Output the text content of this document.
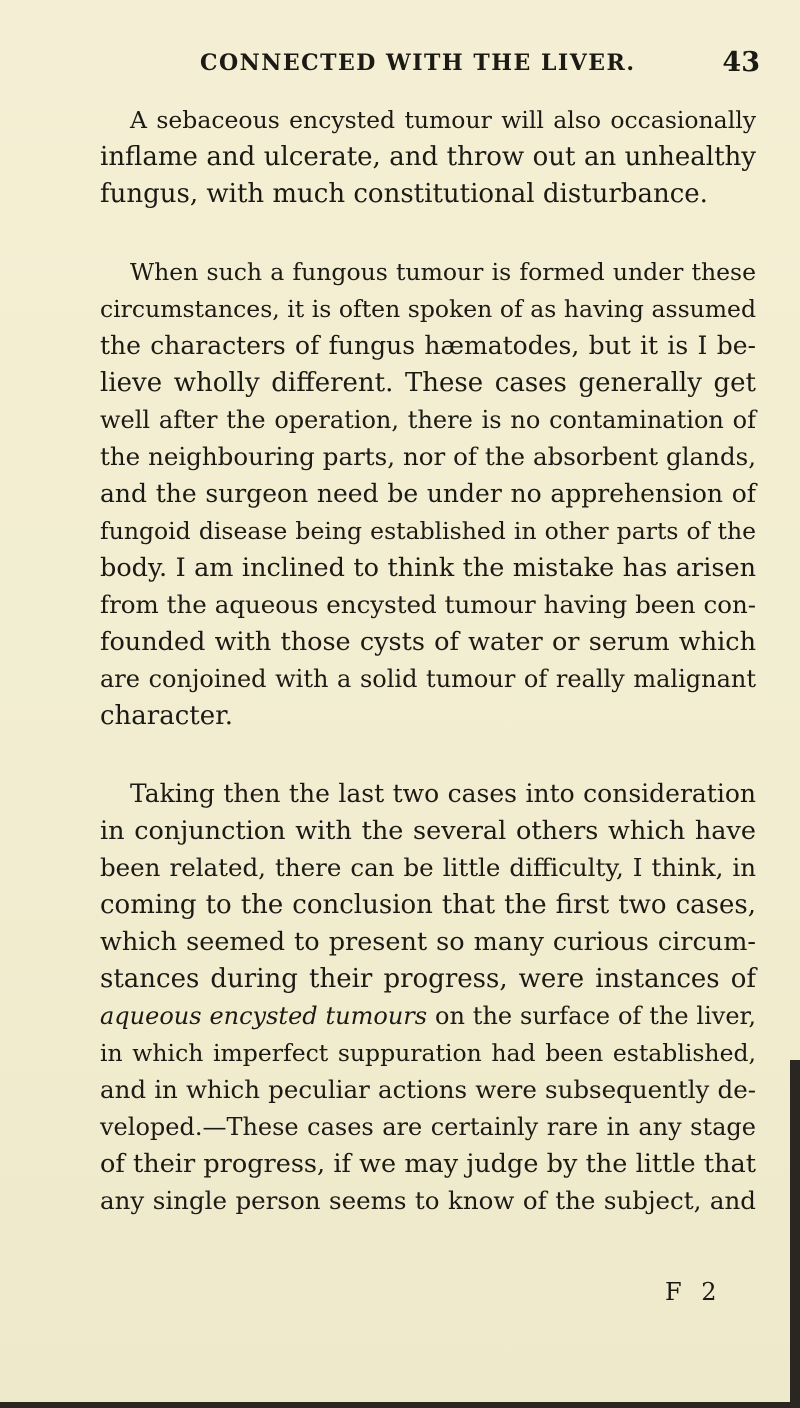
CONNECTED WITH THE LIVER.	43
A sebaceous encysted tumour will also occasionally
inflame and ulcerate, and throw out an unhealthy
fungus, with much constitutional disturbance.
When such a fungous tumour is formed under these
circumstances, it is often spoken of as having assumed
the characters of fungus hæmatodes, but it is I be-
lieve wholly different. These cases generally get
well after the operation, there is no contamination of
the neighbouring parts, nor of the absorbent glands,
and the surgeon need be under no apprehension of
fungoid disease being established in other parts of the
body. I am inclined to think the mistake has arisen
from the aqueous encysted tumour having been con-
founded with those cysts of water or serum which
are conjoined with a solid tumour of really malignant
character.
Taking then the last two cases into consideration
in conjunction with the several others which have
been related, there can be little difficulty, I think, in
coming to the conclusion that the first two cases,
which seemed to present so many curious circum-
stances during their progress, were instances of
aqueous encysted tumours on the surface of the liver,
in which imperfect suppuration had been established,
and in which peculiar actions were subsequently de-
veloped.—These cases are certainly rare in any stage
of their progress, if we may judge by the little that
any single person seems to know of the subject, and
F 2
